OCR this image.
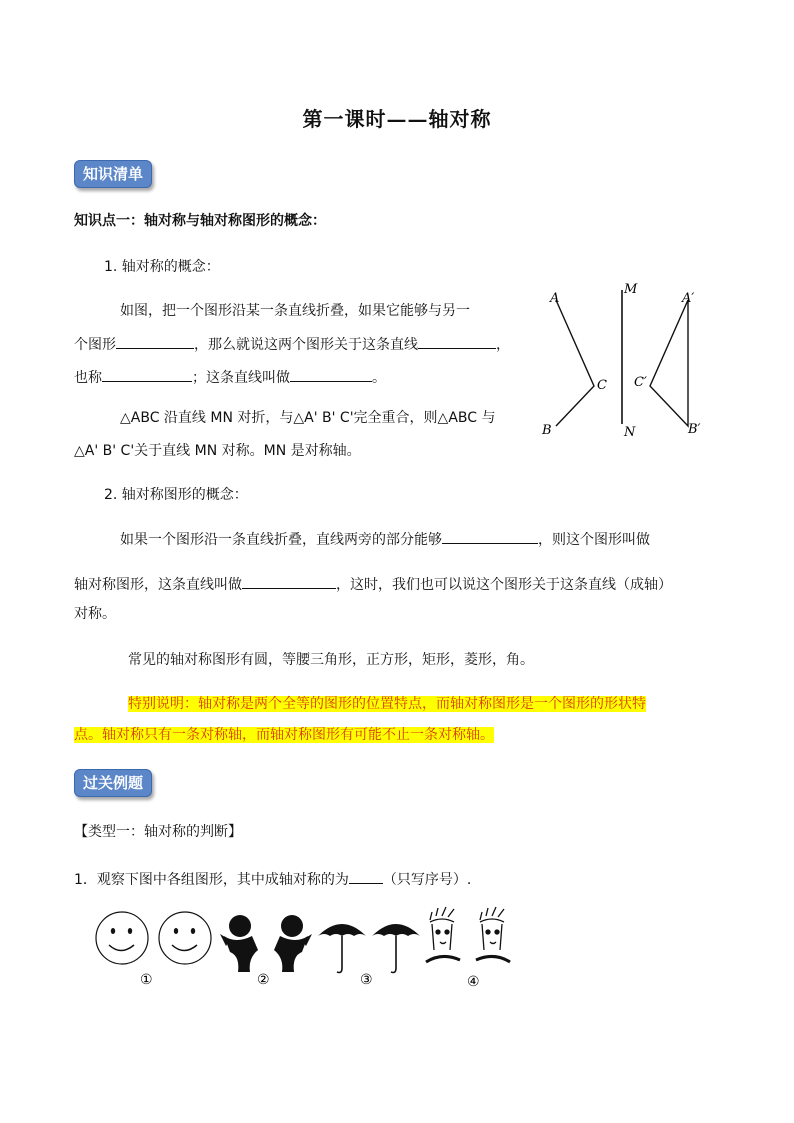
第一课时——轴对称
知识清单
知识点一：轴对称与轴对称图形的概念：
1. 轴对称的概念：
如图，把一个图形沿某一条直线折叠，如果它能够与另一
个图形	，那么就说这两个图形关于这条直线	，
也称	；这条直线叫做	。
△ABC 沿直线 MN 对折，与△A' B' C'完全重合，则△ABC 与
△A' B' C'关于直线 MN 对称。MN 是对称轴。
A
B
C
M
N
A′
B′
C′
2. 轴对称图形的概念：
如果一个图形沿一条直线折叠，直线两旁的部分能够	，则这个图形叫做
轴对称图形，这条直线叫做	，这时，我们也可以说这个图形关于这条直线（成轴）
对称。
常见的轴对称图形有圆，等腰三角形，正方形，矩形，菱形，角。
特别说明：轴对称是两个全等的图形的位置特点，而轴对称图形是一个图形的形状特
点。轴对称只有一条对称轴，而轴对称图形有可能不止一条对称轴。
过关例题
【类型一：轴对称的判断】
1．观察下图中各组图形，其中成轴对称的为 （只写序号）.
①	②	③	④
